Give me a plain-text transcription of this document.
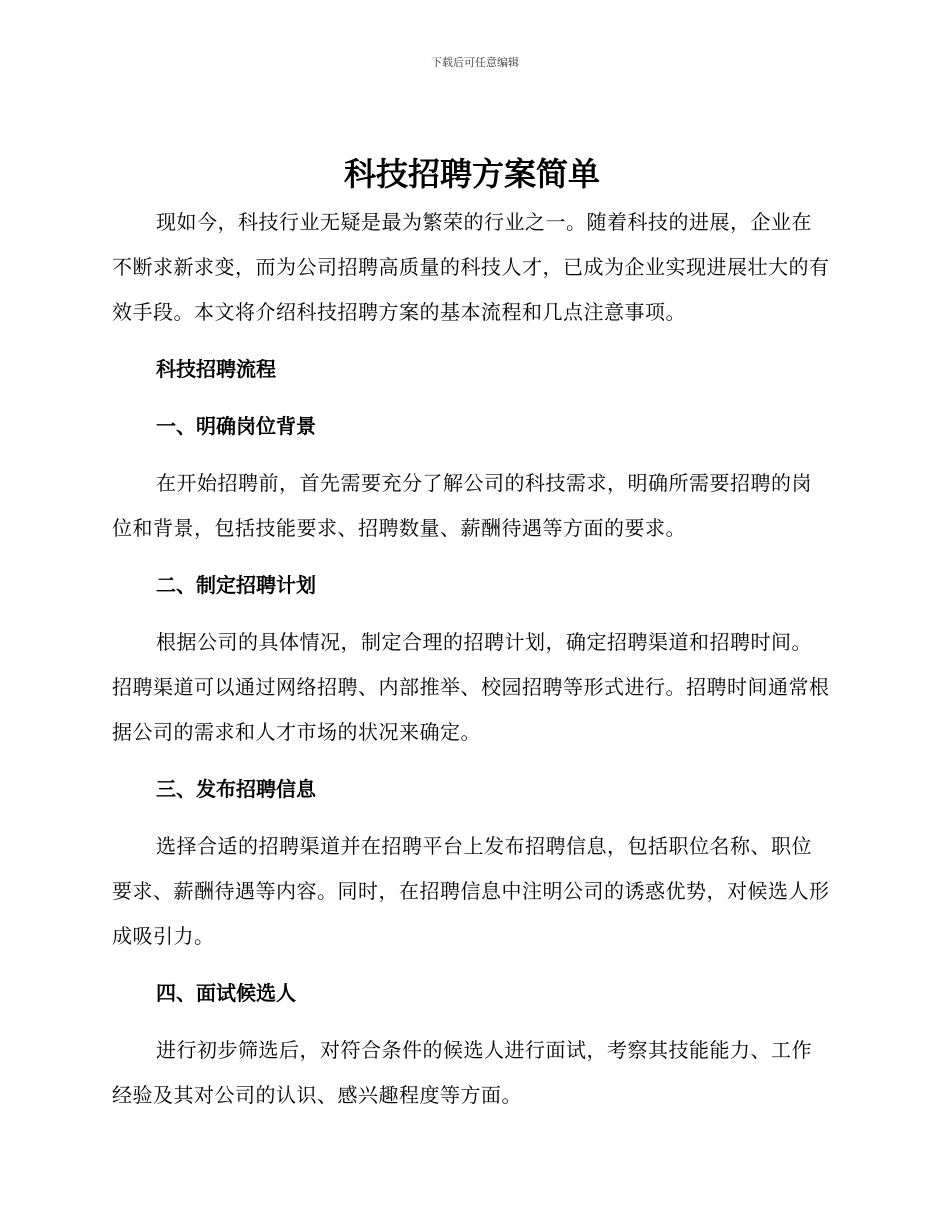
下载后可任意编辑
科技招聘方案简单

现如今，科技行业无疑是最为繁荣的行业之一。随着科技的进展，企业在不断求新求变，而为公司招聘高质量的科技人才，已成为企业实现进展壮大的有效手段。本文将介绍科技招聘方案的基本流程和几点注意事项。

科技招聘流程

一、明确岗位背景

在开始招聘前，首先需要充分了解公司的科技需求，明确所需要招聘的岗位和背景，包括技能要求、招聘数量、薪酬待遇等方面的要求。

二、制定招聘计划

根据公司的具体情况，制定合理的招聘计划，确定招聘渠道和招聘时间。招聘渠道可以通过网络招聘、内部推举、校园招聘等形式进行。招聘时间通常根据公司的需求和人才市场的状况来确定。

三、发布招聘信息

选择合适的招聘渠道并在招聘平台上发布招聘信息，包括职位名称、职位要求、薪酬待遇等内容。同时，在招聘信息中注明公司的诱惑优势，对候选人形成吸引力。

四、面试候选人

进行初步筛选后，对符合条件的候选人进行面试，考察其技能能力、工作经验及其对公司的认识、感兴趣程度等方面。
